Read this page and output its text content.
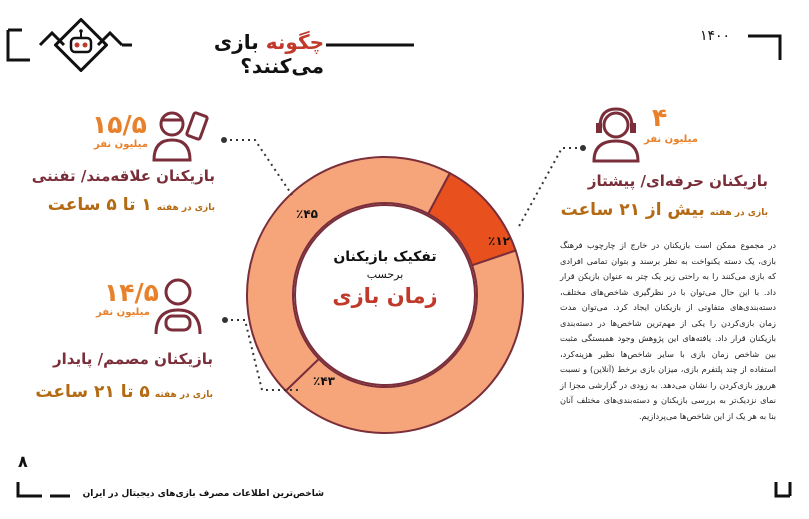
چگونه بازی می‌کنند؟
۱۴۰۰
تفکیک بازیکنان
برحسب
زمان بازی
٪۴۵
٪۱۲
٪۴۳
۱۵/۵
میلیون نفر
بازیکنان علاقه‌مند/ تفننی
بازی در هفته ۱ تا ۵ ساعت
۱۴/۵
میلیون نفر
بازیکنان مصمم/ پایدار
بازی در هفته ۵ تا ۲۱ ساعت
۴
میلیون نفر
بازیکنان حرفه‌ای/ پیشتاز
بازی در هفته بیش از ۲۱ ساعت
در مجموع ممکن است بازیکنان در خارج از چارچوب فرهنگ بازی، یک دسته یکنواخت به نظر برسند و بتوان تمامی افرادی که بازی می‌کنند را به راحتی زیر یک چتر به عنوان بازیکن قرار داد. با این حال می‌توان با در نظرگیری شاخص‌های مختلف، دسته‌بندی‌های متفاوتی از بازیکنان ایجاد کرد. می‌توان مدت زمان بازی‌کردن را یکی از مهم‌ترین شاخص‌ها در دسته‌بندی بازیکنان قرار داد. یافته‌های این پژوهش وجود همبستگی مثبت بین شاخص زمان بازی با سایر شاخص‌ها نظیر هزینه‌کرد، استفاده از چند پلتفرم بازی، میزان بازی برخط (آنلاین) و نسبت هرروز بازی‌کردن را نشان می‌دهد. به زودی در گزارشی مجزا از نمای نزدیک‌تر به بررسی بازیکنان و دسته‌بندی‌های مختلف آنان بنا به هر یک از این شاخص‌ها می‌پردازیم.
۸
شاخص‌ترین اطلاعات مصرف بازی‌های دیجیتال در ایران
